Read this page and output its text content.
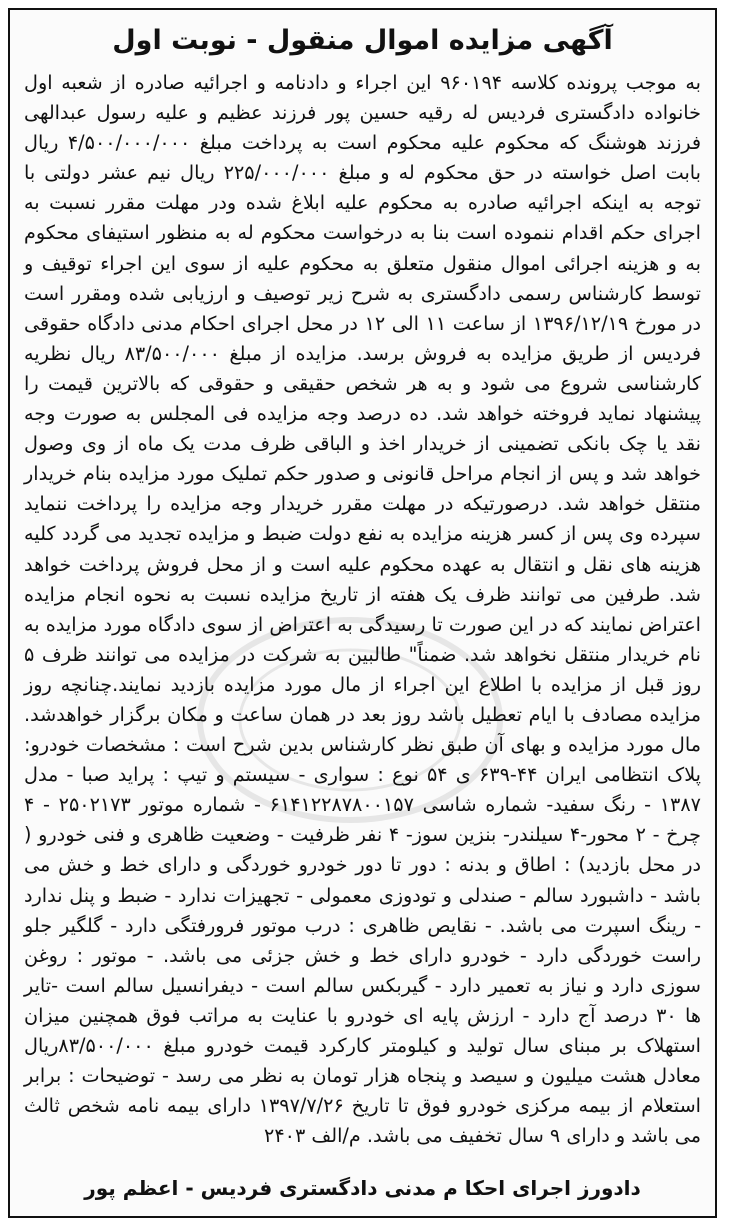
آگهی مزایده اموال منقول - نوبت اول
به موجب پرونده کلاسه ۹۶۰۱۹۴ این اجراء و دادنامه و اجرائیه صادره از شعبه اول خانواده دادگستری فردیس له رقیه حسین پور فرزند عظیم و علیه رسول عبدالهی فرزند هوشنگ که محکوم علیه محکوم است به پرداخت مبلغ ۴/۵۰۰/۰۰۰/۰۰۰ ریال بابت اصل خواسته در حق محکوم له و مبلغ ۲۲۵/۰۰۰/۰۰۰ ریال نیم عشر دولتی با توجه به اینکه اجرائیه صادره به محکوم علیه ابلاغ شده ودر مهلت مقرر نسبت به اجرای حکم اقدام ننموده است بنا به درخواست محکوم له به منظور استیفای محکوم به و هزینه اجرائی اموال منقول متعلق به محکوم علیه از سوی این اجراء توقیف و توسط کارشناس رسمی دادگستری به شرح زیر توصیف و ارزیابی شده ومقرر است در مورخ ۱۳۹۶/۱۲/۱۹ از ساعت ۱۱ الی ۱۲ در محل اجرای احکام مدنی دادگاه حقوقی فردیس از طریق مزایده به فروش برسد. مزایده از مبلغ ۸۳/۵۰۰/۰۰۰ ریال نظریه کارشناسی شروع می شود و به هر شخص حقیقی و حقوقی که بالاترین قیمت را پیشنهاد نماید فروخته خواهد شد. ده درصد وجه مزایده فی المجلس به صورت وجه نقد یا چک بانکی تضمینی از خریدار اخذ و الباقی ظرف مدت یک ماه از وی وصول خواهد شد و پس از انجام مراحل قانونی و صدور حکم تملیک مورد مزایده بنام خریدار منتقل خواهد شد. درصورتیکه در مهلت مقرر خریدار وجه مزایده را پرداخت ننماید سپرده وی پس از کسر هزینه مزایده به نفع دولت ضبط و مزایده تجدید می گردد کلیه هزینه های نقل و انتقال به عهده محکوم علیه است و از محل فروش پرداخت خواهد شد. طرفین می توانند ظرف یک هفته از تاریخ مزایده نسبت به نحوه انجام مزایده اعتراض نمایند که در این صورت تا رسیدگی به اعتراض از سوی دادگاه مورد مزایده به نام خریدار منتقل نخواهد شد. ضمناً" طالبین به شرکت در مزایده می توانند ظرف ۵ روز قبل از مزایده با اطلاع این اجراء از مال مورد مزایده بازدید نمایند.چنانچه روز مزایده مصادف با ایام تعطیل باشد روز بعد در همان ساعت و مکان برگزار خواهدشد. مال مورد مزایده و بهای آن طبق نظر کارشناس بدین شرح است : مشخصات خودرو: پلاک انتظامی ایران ۴۴-۶۳۹ ی ۵۴ نوع : سواری - سیستم و تیپ : پراید صبا - مدل ۱۳۸۷ - رنگ سفید- شماره شاسی ۶۱۴۱۲۲۸۷۸۰۰۱۵۷ - شماره موتور ۲۵۰۲۱۷۳ - ۴ چرخ - ۲ محور-۴ سیلندر- بنزین سوز- ۴ نفر ظرفیت - وضعیت ظاهری و فنی خودرو ( در محل بازدید) : اطاق و بدنه : دور تا دور خودرو خوردگی و دارای خط و خش می باشد - داشبورد سالم - صندلی و تودوزی معمولی - تجهیزات ندارد - ضبط و پنل ندارد - رینگ اسپرت می باشد. - نقایص ظاهری : درب موتور فرورفتگی دارد - گلگیر جلو راست خوردگی دارد - خودرو دارای خط و خش جزئی می باشد. - موتور : روغن سوزی دارد و نیاز به تعمیر دارد - گیربکس سالم است - دیفرانسیل سالم است -تایر ها ۳۰ درصد آج دارد - ارزش پایه ای خودرو با عنایت به مراتب فوق همچنین میزان استهلاک بر مبنای سال تولید و کیلومتر کارکرد قیمت خودرو مبلغ ۸۳/۵۰۰/۰۰۰ریال معادل هشت میلیون و سیصد و پنجاه هزار تومان به نظر می رسد - توضیحات : برابر استعلام از بیمه مرکزی خودرو فوق تا تاریخ ۱۳۹۷/۷/۲۶ دارای بیمه نامه شخص ثالث می باشد و دارای ۹ سال تخفیف می باشد. م/الف ۲۴۰۳
دادورز اجرای احکا م مدنی دادگستری فردیس - اعظم پور
